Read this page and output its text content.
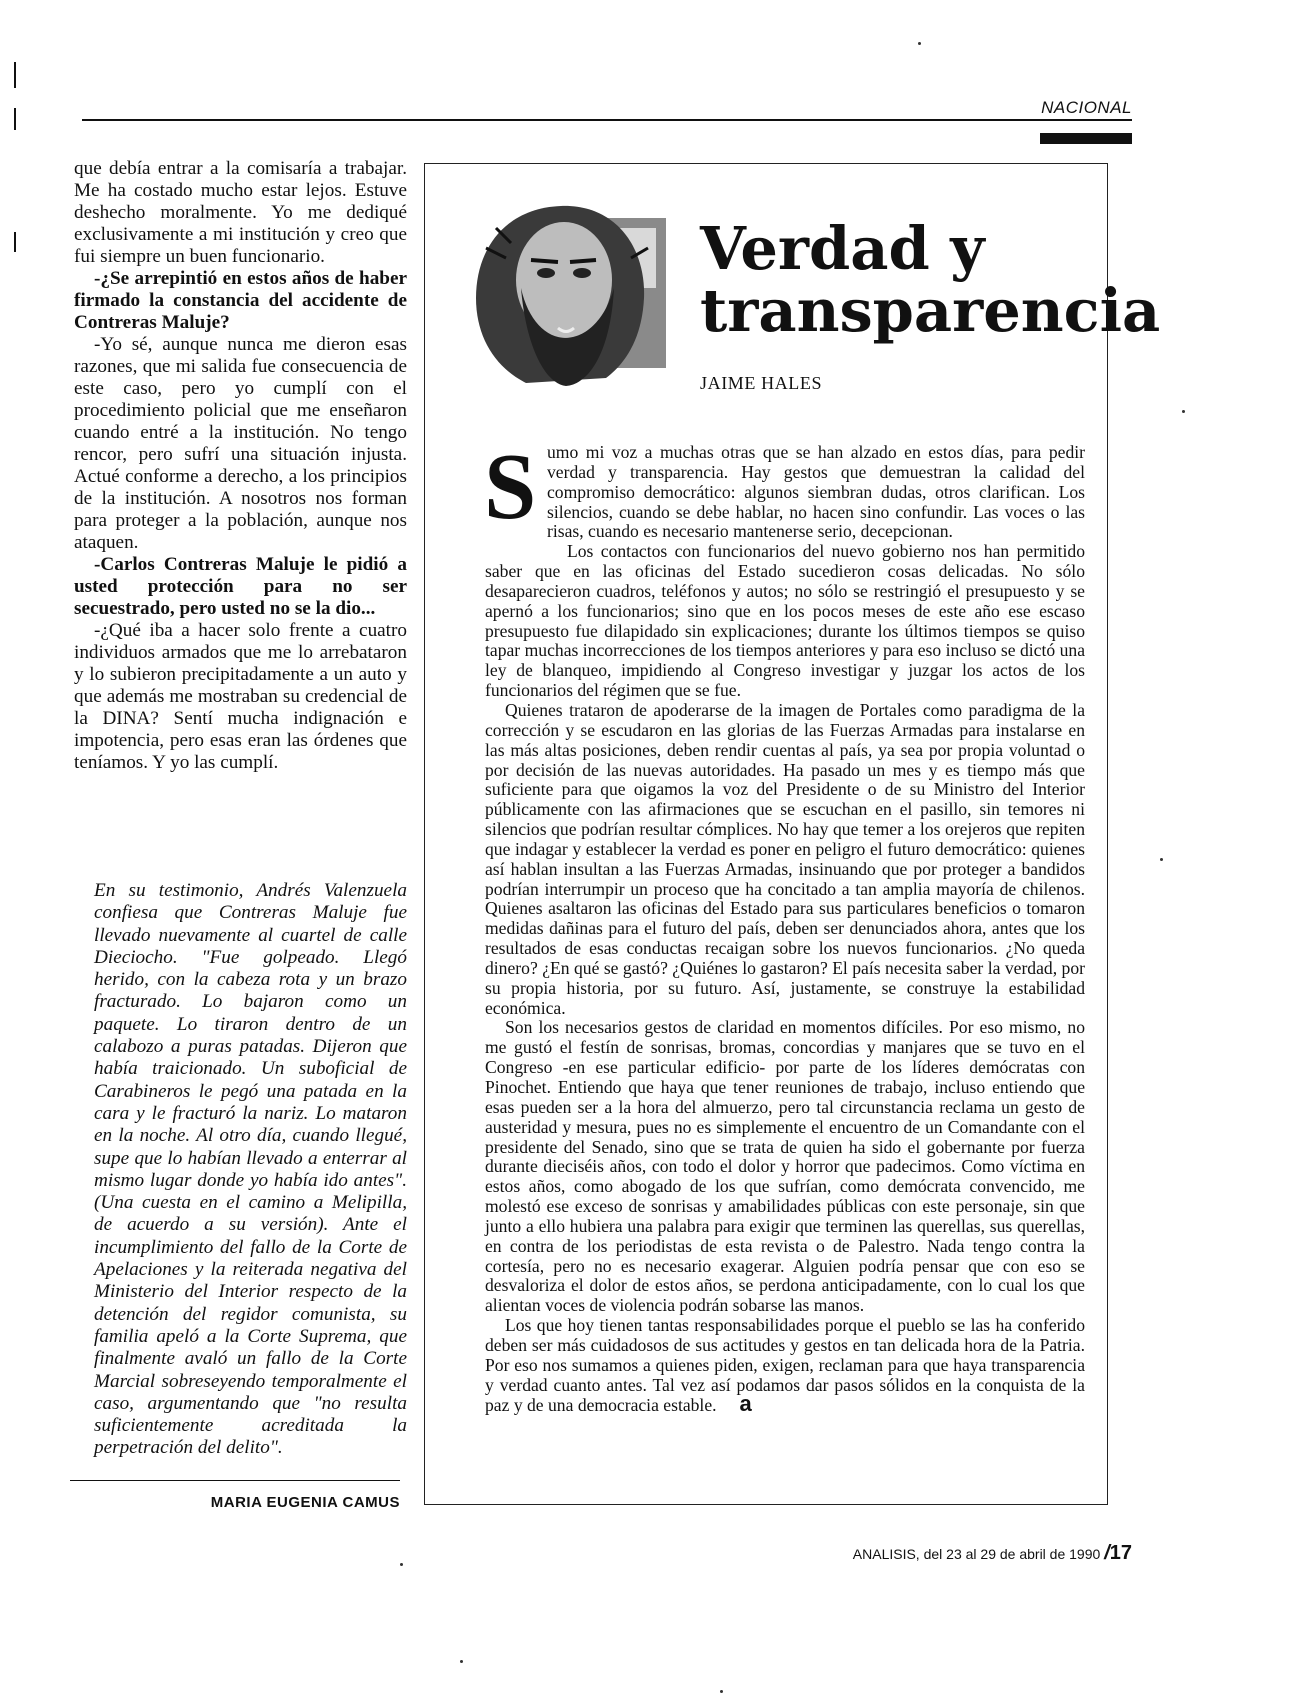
NACIONAL

que debía entrar a la comisaría a trabajar. Me ha costado mucho estar lejos. Estuve deshecho moralmente. Yo me dediqué exclusivamente a mi institución y creo que fui siempre un buen funcionario.

-¿Se arrepintió en estos años de haber firmado la constancia del accidente de Contreras Maluje?

-Yo sé, aunque nunca me dieron esas razones, que mi salida fue consecuencia de este caso, pero yo cumplí con el procedimiento policial que me enseñaron cuando entré a la institución. No tengo rencor, pero sufrí una situación injusta. Actué conforme a derecho, a los principios de la institución. A nosotros nos forman para proteger a la población, aunque nos ataquen.

-Carlos Contreras Maluje le pidió a usted protección para no ser secuestrado, pero usted no se la dio...

-¿Qué iba a hacer solo frente a cuatro individuos armados que me lo arrebataron y lo subieron precipitadamente a un auto y que además me mostraban su credencial de la DINA? Sentí mucha indignación e impotencia, pero esas eran las órdenes que teníamos. Y yo las cumplí.

En su testimonio, Andrés Valenzuela confiesa que Contreras Maluje fue llevado nuevamente al cuartel de calle Dieciocho. "Fue golpeado. Llegó herido, con la cabeza rota y un brazo fracturado. Lo bajaron como un paquete. Lo tiraron dentro de un calabozo a puras patadas. Dijeron que había traicionado. Un suboficial de Carabineros le pegó una patada en la cara y le fracturó la nariz. Lo mataron en la noche. Al otro día, cuando llegué, supe que lo habían llevado a enterrar al mismo lugar donde yo había ido antes". (Una cuesta en el camino a Melipilla, de acuerdo a su versión). Ante el incumplimiento del fallo de la Corte de Apelaciones y la reiterada negativa del Ministerio del Interior respecto de la detención del regidor comunista, su familia apeló a la Corte Suprema, que finalmente avaló un fallo de la Corte Marcial sobreseyendo temporalmente el caso, argumentando que "no resulta suficientemente acreditada la perpetración del delito".

MARIA EUGENIA CAMUS
Verdad y
transparencia
JAIME HALES
S umo mi voz a muchas otras que se han alzado en estos días, para pedir verdad y transparencia. Hay gestos que demuestran la calidad del compromiso democrático: algunos siembran dudas, otros clarifican. Los silencios, cuando se debe hablar, no hacen sino confundir. Las voces o las risas, cuando es necesario mantenerse serio, decepcionan.

Los contactos con funcionarios del nuevo gobierno nos han permitido saber que en las oficinas del Estado sucedieron cosas delicadas. No sólo desaparecieron cuadros, teléfonos y autos; no sólo se restringió el presupuesto y se apernó a los funcionarios; sino que en los pocos meses de este año ese escaso presupuesto fue dilapidado sin explicaciones; durante los últimos tiempos se quiso tapar muchas incorrecciones de los tiempos anteriores y para eso incluso se dictó una ley de blanqueo, impidiendo al Congreso investigar y juzgar los actos de los funcionarios del régimen que se fue.

Quienes trataron de apoderarse de la imagen de Portales como paradigma de la corrección y se escudaron en las glorias de las Fuerzas Armadas para instalarse en las más altas posiciones, deben rendir cuentas al país, ya sea por propia voluntad o por decisión de las nuevas autoridades. Ha pasado un mes y es tiempo más que suficiente para que oigamos la voz del Presidente o de su Ministro del Interior públicamente con las afirmaciones que se escuchan en el pasillo, sin temores ni silencios que podrían resultar cómplices. No hay que temer a los orejeros que repiten que indagar y establecer la verdad es poner en peligro el futuro democrático: quienes así hablan insultan a las Fuerzas Armadas, insinuando que por proteger a bandidos podrían interrumpir un proceso que ha concitado a tan amplia mayoría de chilenos. Quienes asaltaron las oficinas del Estado para sus particulares beneficios o tomaron medidas dañinas para el futuro del país, deben ser denunciados ahora, antes que los resultados de esas conductas recaigan sobre los nuevos funcionarios. ¿No queda dinero? ¿En qué se gastó? ¿Quiénes lo gastaron? El país necesita saber la verdad, por su propia historia, por su futuro. Así, justamente, se construye la estabilidad económica.

Son los necesarios gestos de claridad en momentos difíciles. Por eso mismo, no me gustó el festín de sonrisas, bromas, concordias y manjares que se tuvo en el Congreso -en ese particular edificio- por parte de los líderes demócratas con Pinochet. Entiendo que haya que tener reuniones de trabajo, incluso entiendo que esas pueden ser a la hora del almuerzo, pero tal circunstancia reclama un gesto de austeridad y mesura, pues no es simplemente el encuentro de un Comandante con el presidente del Senado, sino que se trata de quien ha sido el gobernante por fuerza durante dieciséis años, con todo el dolor y horror que padecimos. Como víctima en estos años, como abogado de los que sufrían, como demócrata convencido, me molestó ese exceso de sonrisas y amabilidades públicas con este personaje, sin que junto a ello hubiera una palabra para exigir que terminen las querellas, sus querellas, en contra de los periodistas de esta revista o de Palestro. Nada tengo contra la cortesía, pero no es necesario exagerar. Alguien podría pensar que con eso se desvaloriza el dolor de estos años, se perdona anticipadamente, con lo cual los que alientan voces de violencia podrán sobarse las manos.

Los que hoy tienen tantas responsabilidades porque el pueblo se las ha conferido deben ser más cuidadosos de sus actitudes y gestos en tan delicada hora de la Patria. Por eso nos sumamos a quienes piden, exigen, reclaman para que haya transparencia y verdad cuanto antes. Tal vez así podamos dar pasos sólidos en la conquista de la paz y de una democracia estable. a

ANALISIS, del 23 al 29 de abril de 1990 /17
